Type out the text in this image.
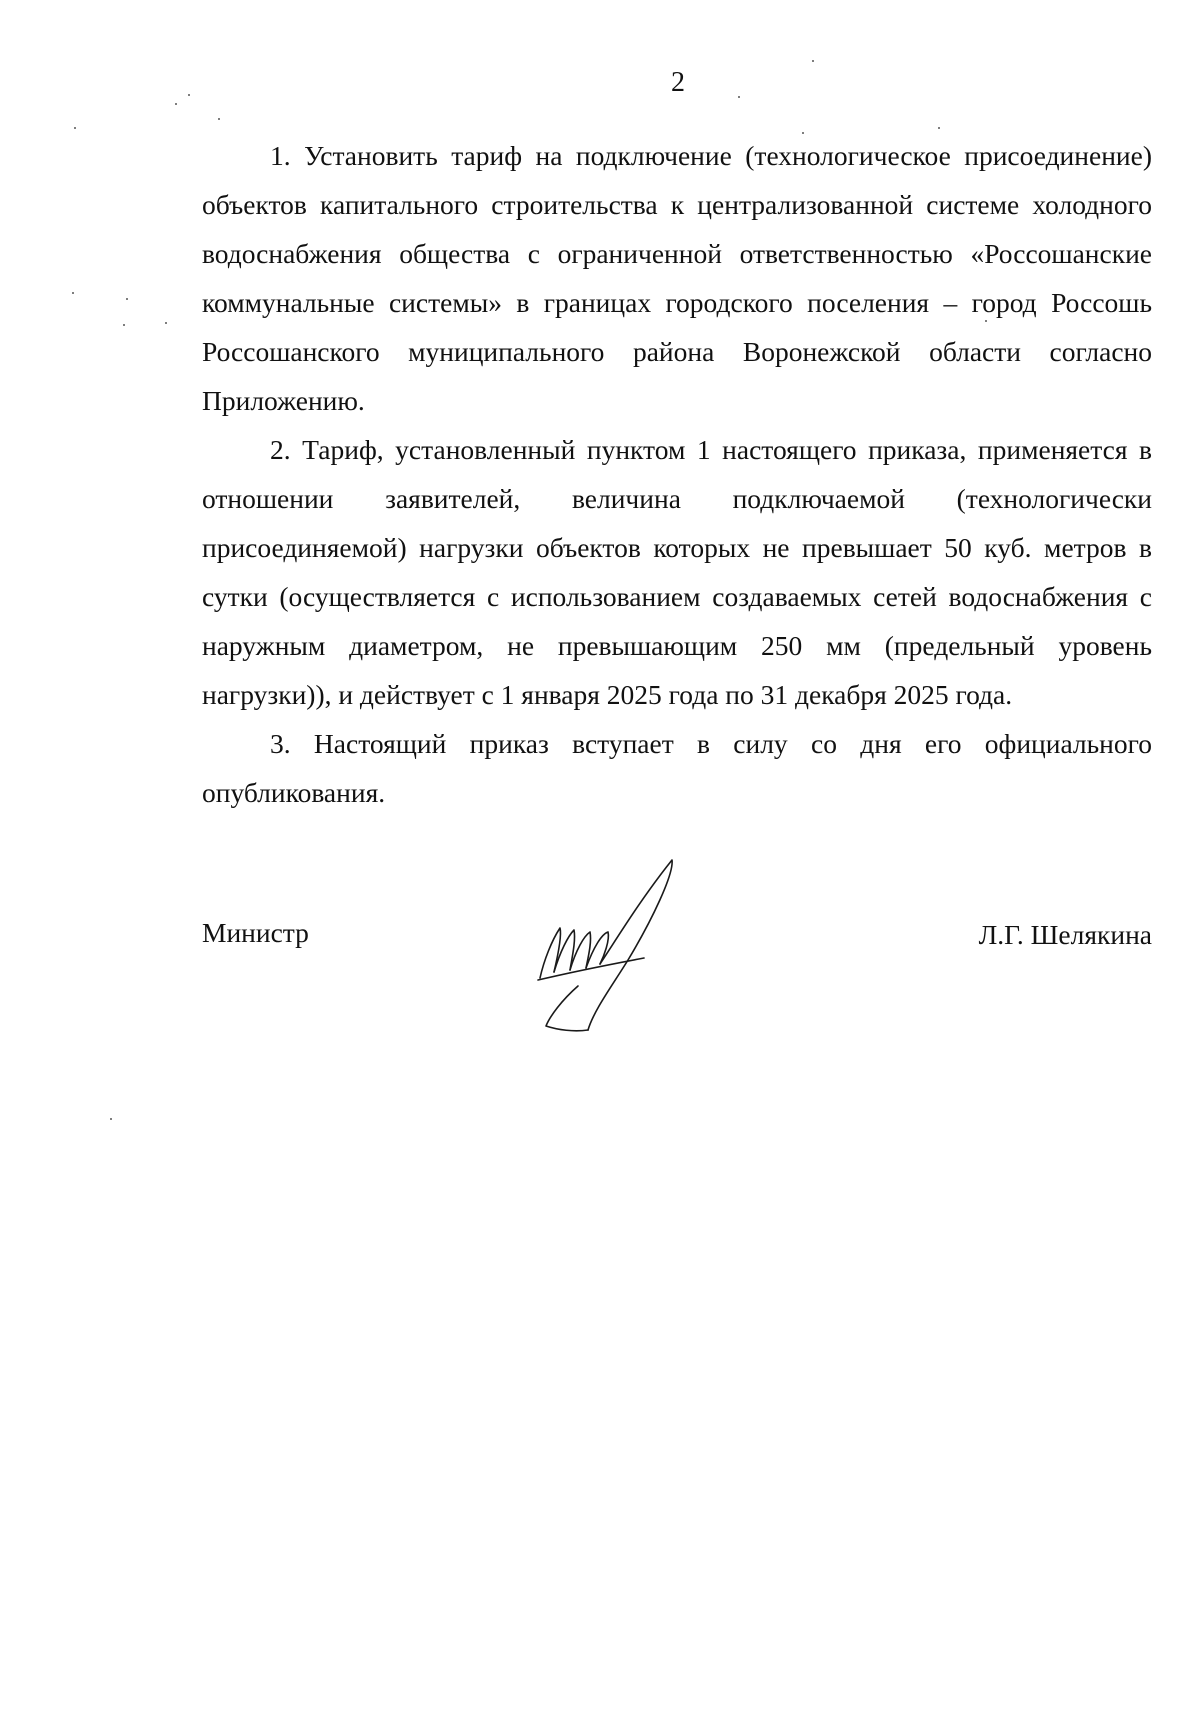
2

1. Установить тариф на подключение (технологическое присоединение) объектов капитального строительства к централизованной системе холодного водоснабжения общества с ограниченной ответственностью «Россошанские коммунальные системы» в границах городского поселения – город Россошь Россошанского муниципального района Воронежской области согласно Приложению.

2. Тариф, установленный пунктом 1 настоящего приказа, применяется в отношении заявителей, величина подключаемой (технологически присоединяемой) нагрузки объектов которых не превышает 50 куб. метров в сутки (осуществляется с использованием создаваемых сетей водоснабжения с наружным диаметром, не превышающим 250 мм (предельный уровень нагрузки)), и действует с 1 января 2025 года по 31 декабря 2025 года.

3. Настоящий приказ вступает в силу со дня его официального опубликования.

Министр	Л.Г. Шелякина
